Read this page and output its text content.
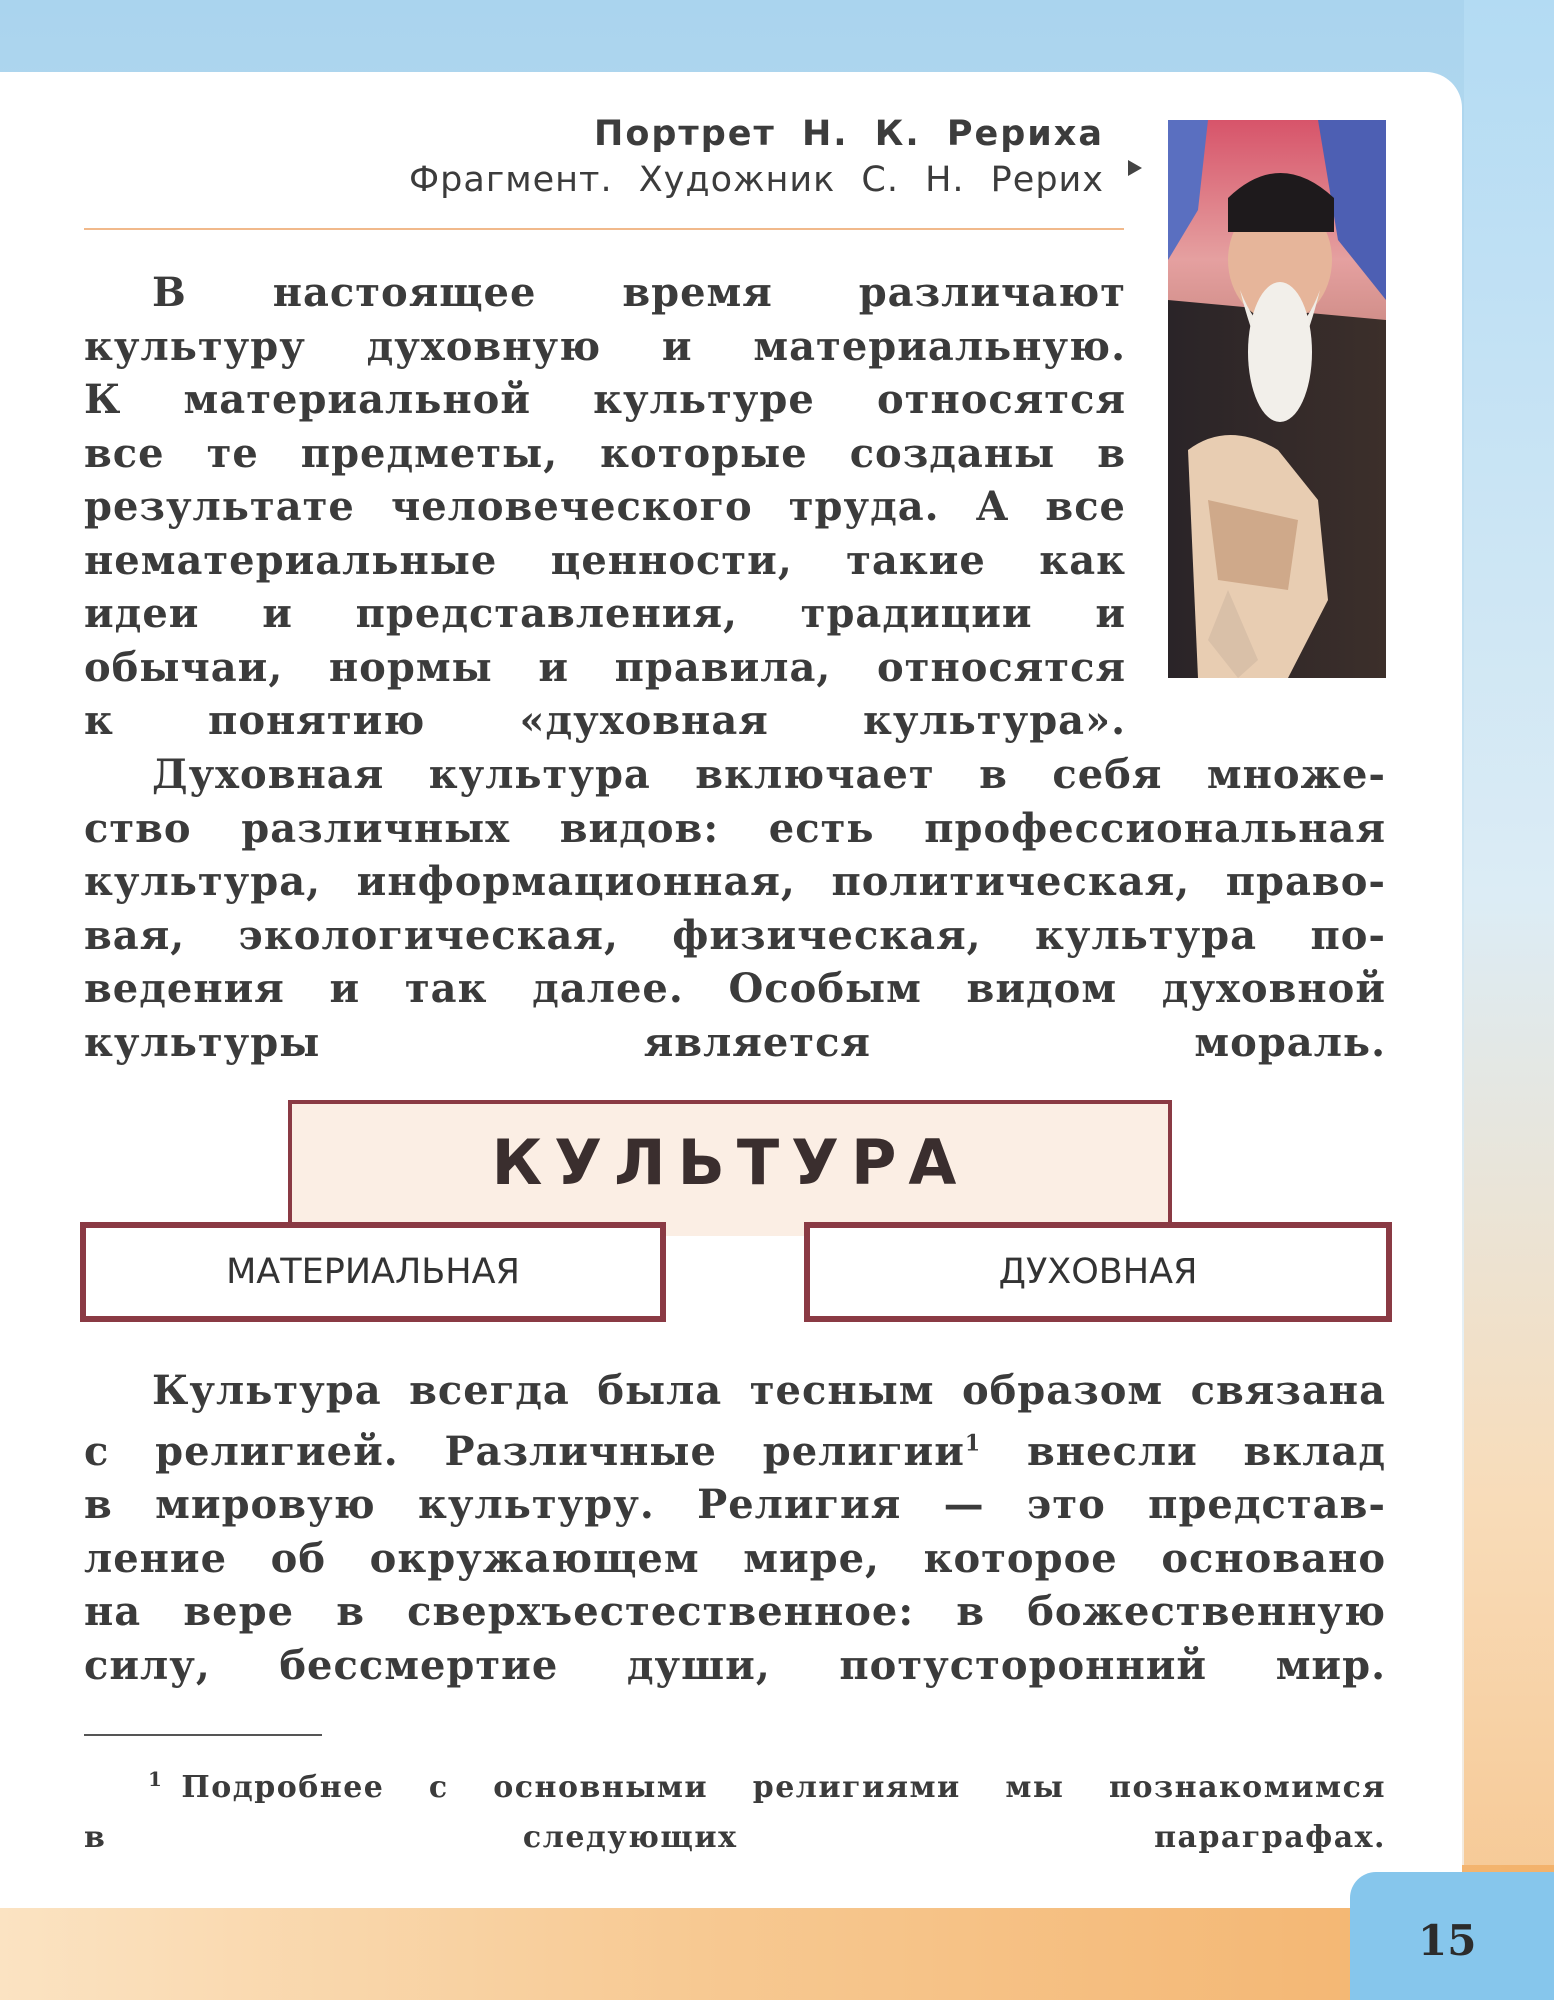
Портрет Н. К. Рериха
Фрагмент. Художник С. Н. Рерих

В настоящее время различают
культуру духовную и материальную.
К материальной культуре относятся
все те предметы, которые созданы в
результате человеческого труда. А все
нематериальные ценности, такие как
идеи и представления, традиции и
обычаи, нормы и правила, относятся
к понятию «духовная культура».

Духовная культура включает в себя множе-
ство различных видов: есть профессиональная
культура, информационная, политическая, право-
вая, экологическая, физическая, культура по-
ведения и так далее. Особым видом духовной
культуры является мораль.

КУЛЬТУРА
МАТЕРИАЛЬНАЯ	ДУХОВНАЯ

Культура всегда была тесным образом связана
с религией. Различные религии$^1$ внесли вклад
в мировую культуру. Религия — это представ-
ление об окружающем мире, которое основано
на вере в сверхъестественное: в божественную
силу, бессмертие души, потусторонний мир.

$^1$ Подробнее с основными религиями мы познакомимся
в следующих параграфах.

15
